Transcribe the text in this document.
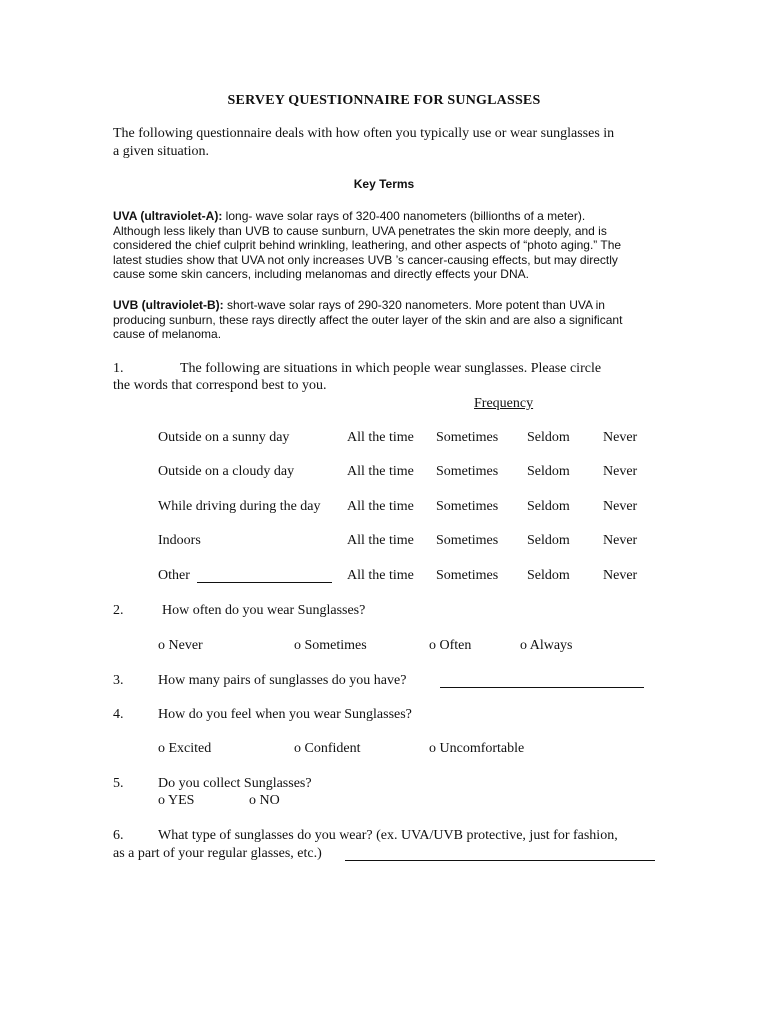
SERVEY QUESTIONNAIRE FOR SUNGLASSES
The following questionnaire deals with how often you typically use or wear sunglasses in
a given situation.
Key Terms
UVA (ultraviolet-A): long- wave solar rays of 320-400 nanometers (billionths of a meter).
Although less likely than UVB to cause sunburn, UVA penetrates the skin more deeply, and is
considered the chief culprit behind wrinkling, leathering, and other aspects of “photo aging.” The
latest studies show that UVA not only increases UVB ’s cancer-causing effects, but may directly
cause some skin cancers, including melanomas and directly effects your DNA.
UVB (ultraviolet-B): short-wave solar rays of 290-320 nanometers. More potent than UVA in
producing sunburn, these rays directly affect the outer layer of the skin and are also a significant
cause of melanoma.
1.	The following are situations in which people wear sunglasses. Please circle
the words that correspond best to you.
Frequency
Outside on a sunny day	All the time Sometimes Seldom Never
Outside on a cloudy day	All the time Sometimes Seldom Never
While driving during the day All the time Sometimes Seldom Never
Indoors	All the time Sometimes Seldom Never
Other	All the time Sometimes Seldom Never
2.	How often do you wear Sunglasses?
o Never	o Sometimes	o Often	o Always
3. How many pairs of sunglasses do you have?
4. How do you feel when you wear Sunglasses?
o Excited	o Confident	o Uncomfortable
5. Do you collect Sunglasses?
o YES	o NO
6. What type of sunglasses do you wear? (ex. UVA/UVB protective, just for fashion,
as a part of your regular glasses, etc.)
